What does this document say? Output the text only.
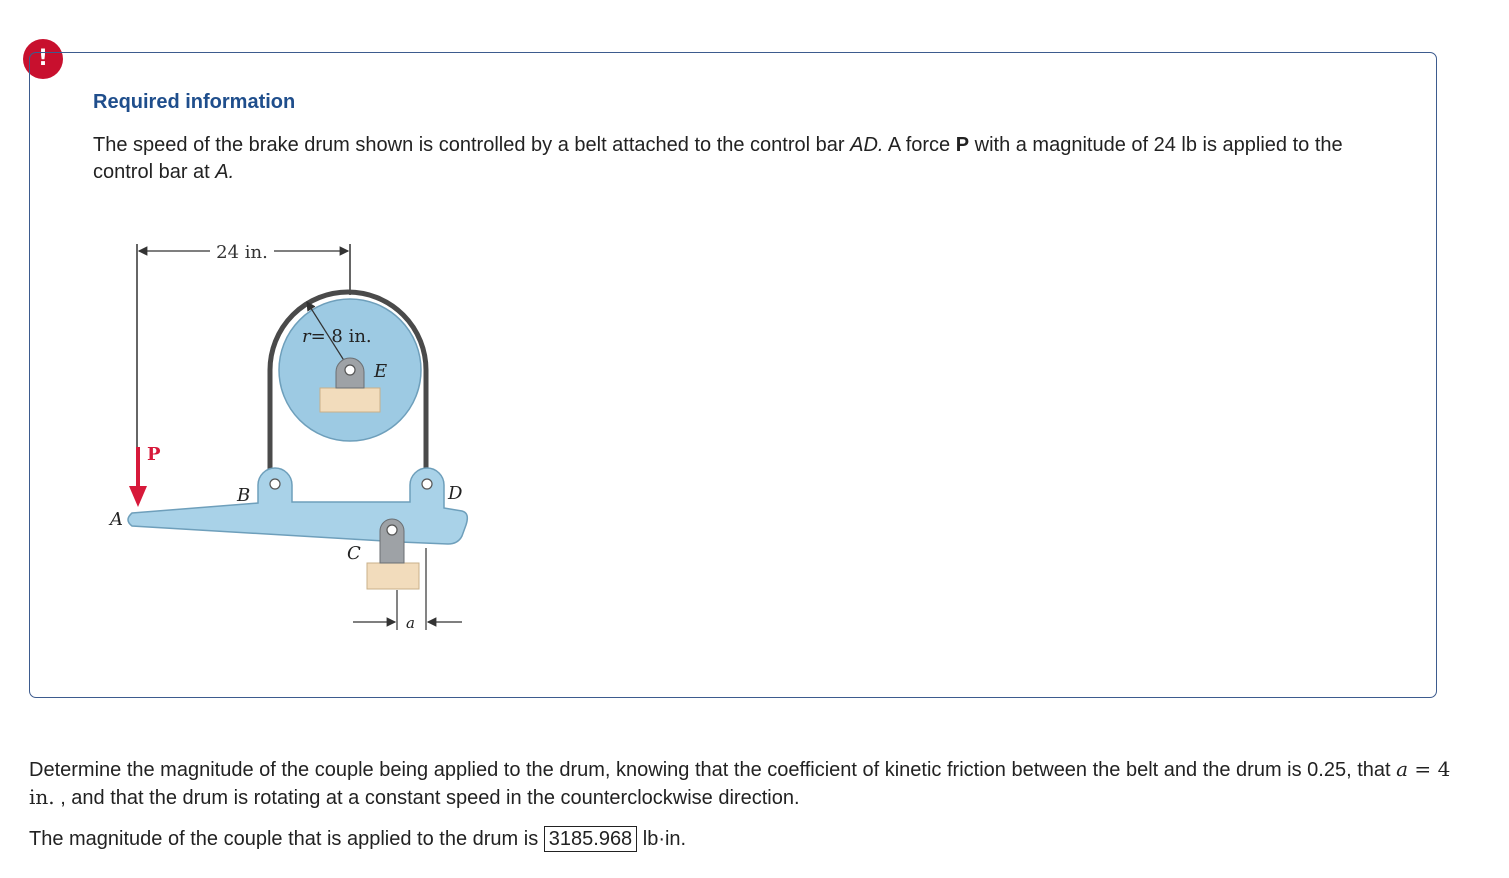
!
Required information

The speed of the brake drum shown is controlled by a belt attached to the control bar AD. A force P with a magnitude of 24 lb is applied to the control bar at A.

24 in.
r= 8 in.
E
P
A
B
C
D
a

Determine the magnitude of the couple being applied to the drum, knowing that the coefficient of kinetic friction between the belt and the drum is 0.25, that a = 4 in. , and that the drum is rotating at a constant speed in the counterclockwise direction.

The magnitude of the couple that is applied to the drum is 3185.968 lb·in.
